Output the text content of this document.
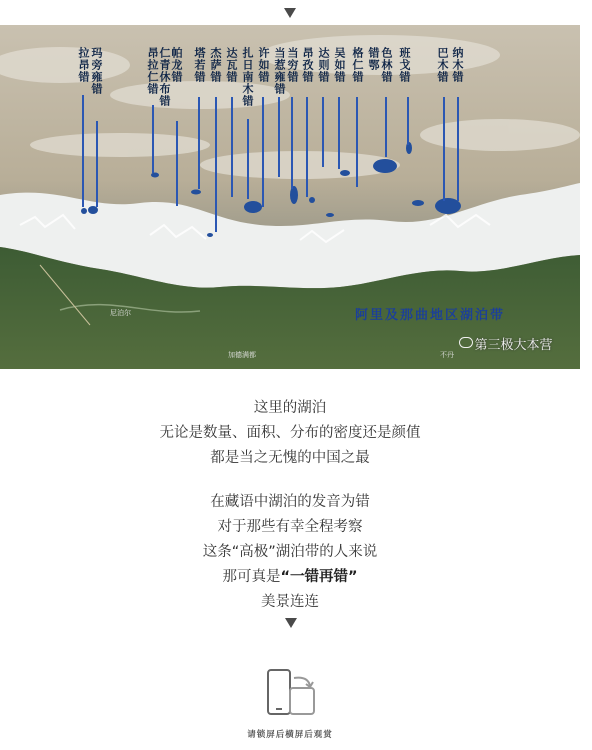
拉昂错 玛旁雍错	昂拉仁错 仁青休布错 帕龙错 塔若错 杰萨错 达瓦错 扎日南木错 许如错 当惹雍错 当穷错 昂孜错 达则错 吴如错 格仁错 错鄂 色林错 班戈错 巴木错 纳木错
尼泊尔
加德满都	不丹
阿里及那曲地区湖泊带
第三极大本营
这里的湖泊
无论是数量、面积、分布的密度还是颜值
都是当之无愧的中国之最
在藏语中湖泊的发音为错
对于那些有幸全程考察
这条“高极”湖泊带的人来说
那可真是“一错再错”
美景连连
请锁屏后横屏后观赏
